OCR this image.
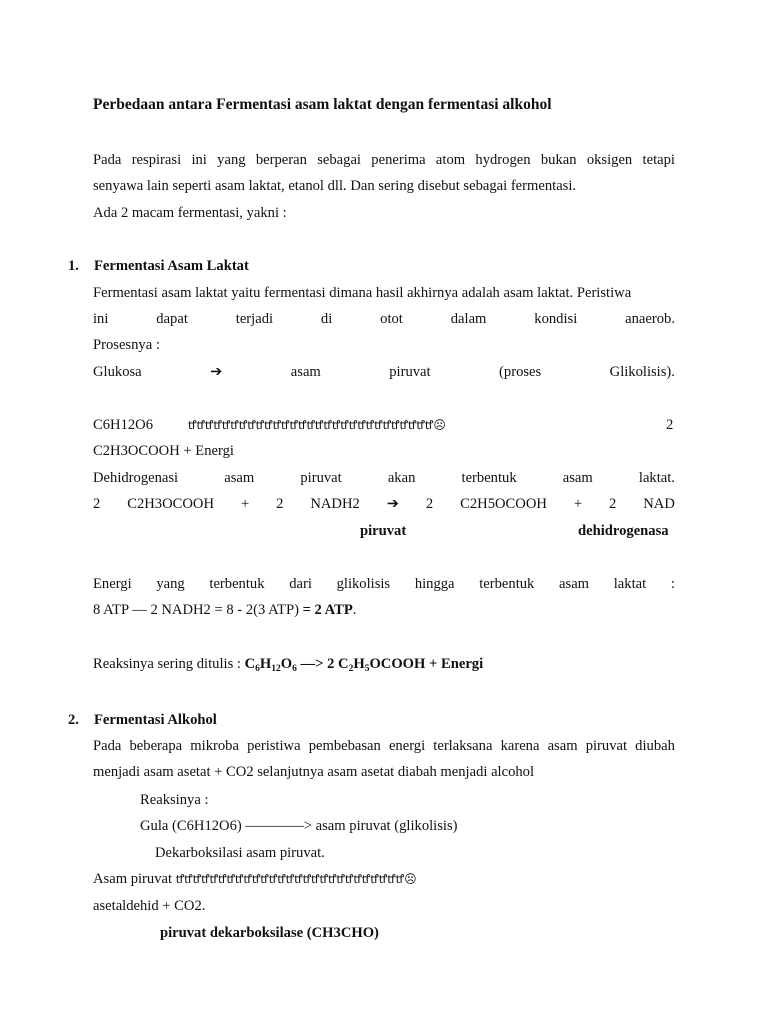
Perbedaan antara Fermentasi asam laktat dengan fermentasi alkohol
Pada respirasi ini yang berperan sebagai penerima atom hydrogen bukan oksigen tetapi
senyawa lain seperti asam laktat, etanol dll. Dan sering disebut sebagai fermentasi.
Ada 2 macam fermentasi, yakni :
1. Fermentasi Asam Laktat
Fermentasi asam laktat yaitu fermentasi dimana hasil akhirnya adalah asam laktat. Peristiwa
ini	dapat	terjadi	di	otot	dalam	kondisi	anaerob.
Prosesnya :
Glukosa	➔	asam	piruvat	(proses	Glikolisis).
C6H12O6	ꝷꝷꝷꝷꝷꝷꝷꝷꝷꝷꝷꝷꝷꝷꝷꝷꝷꝷꝷꝷꝷꝷꝷꝷꝷꝷꝷꝷꝷ☹	2
C2H3OCOOH + Energi
Dehidrogenasi	asam	piruvat	akan	terbentuk	asam	laktat.
2 C2H3OCOOH + 2 NADH2 ➔ 2 C2H5OCOOH + 2 NAD
piruvat	dehidrogenasa
Energi yang terbentuk dari glikolisis hingga terbentuk asam laktat :
8 ATP — 2 NADH2 = 8 - 2(3 ATP) = 2 ATP.
Reaksinya sering ditulis : $C_6H_{12}O_6$ —> 2 $C_2H_5OCOOH$ + Energi
2. Fermentasi Alkohol
Pada beberapa mikroba peristiwa pembebasan energi terlaksana karena asam piruvat diubah
menjadi asam asetat + CO2 selanjutnya asam asetat diabah menjadi alcohol
Reaksinya :
Gula (C6H12O6) ————> asam piruvat (glikolisis)
Dekarboksilasi asam piruvat.
Asam piruvat ꝷꝷꝷꝷꝷꝷꝷꝷꝷꝷꝷꝷꝷꝷꝷꝷꝷꝷꝷꝷꝷꝷꝷꝷꝷꝷꝷ☹
asetaldehid + CO2.
piruvat dekarboksilase (CH3CHO)
